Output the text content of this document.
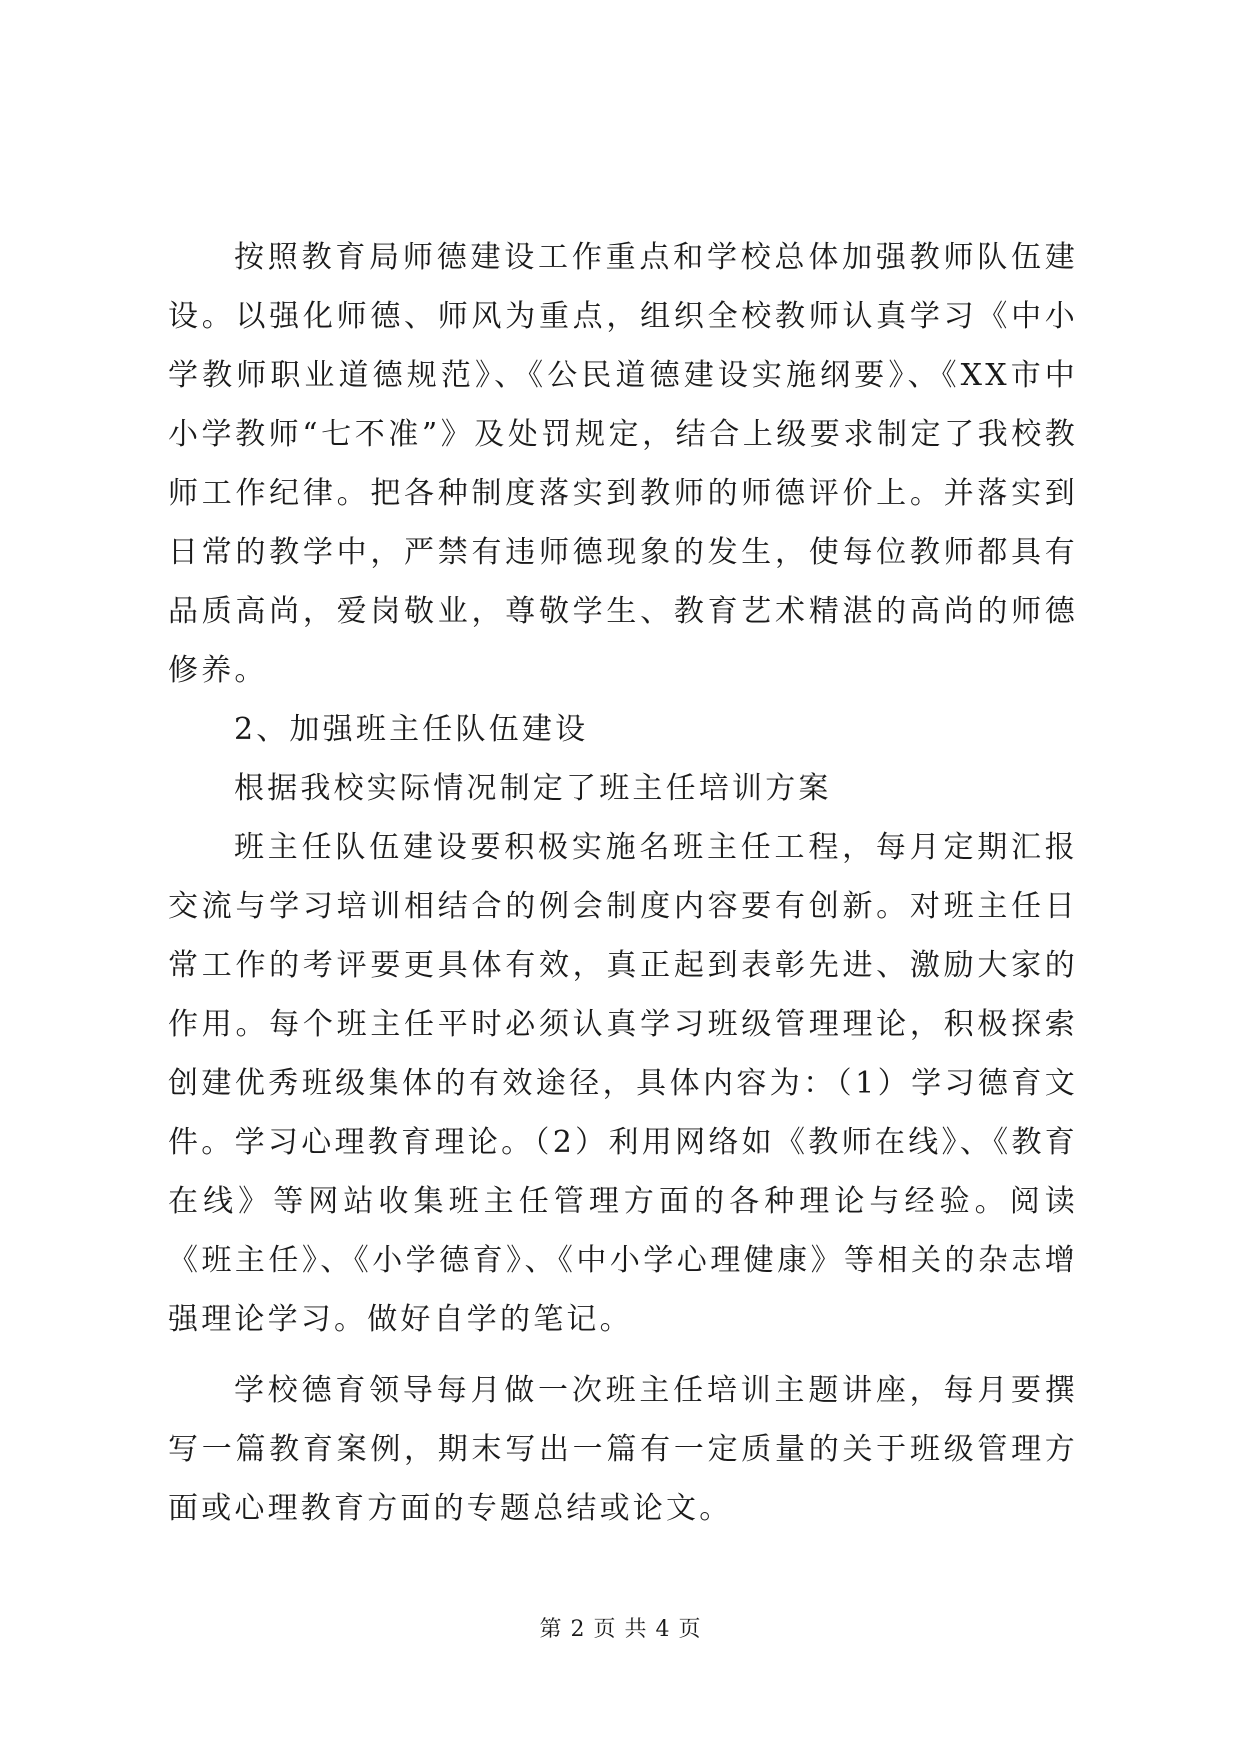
按照教育局师德建设工作重点和学校总体加强教师队伍建设。以强化师德、师风为重点，组织全校教师认真学习《中小学教师职业道德规范》、《公民道德建设实施纲要》、《XX市中小学教师“七不准”》及处罚规定，结合上级要求制定了我校教师工作纪律。把各种制度落实到教师的师德评价上。并落实到日常的教学中，严禁有违师德现象的发生，使每位教师都具有品质高尚，爱岗敬业，尊敬学生、教育艺术精湛的高尚的师德修养。

2、加强班主任队伍建设

根据我校实际情况制定了班主任培训方案

班主任队伍建设要积极实施名班主任工程，每月定期汇报交流与学习培训相结合的例会制度内容要有创新。对班主任日常工作的考评要更具体有效，真正起到表彰先进、激励大家的作用。每个班主任平时必须认真学习班级管理理论，积极探索创建优秀班级集体的有效途径，具体内容为：（1）学习德育文件。学习心理教育理论。（2）利用网络如《教师在线》、《教育在线》等网站收集班主任管理方面的各种理论与经验。阅读《班主任》、《小学德育》、《中小学心理健康》等相关的杂志增强理论学习。做好自学的笔记。

学校德育领导每月做一次班主任培训主题讲座，每月要撰写一篇教育案例，期末写出一篇有一定质量的关于班级管理方面或心理教育方面的专题总结或论文。

第 2 页 共 4 页
